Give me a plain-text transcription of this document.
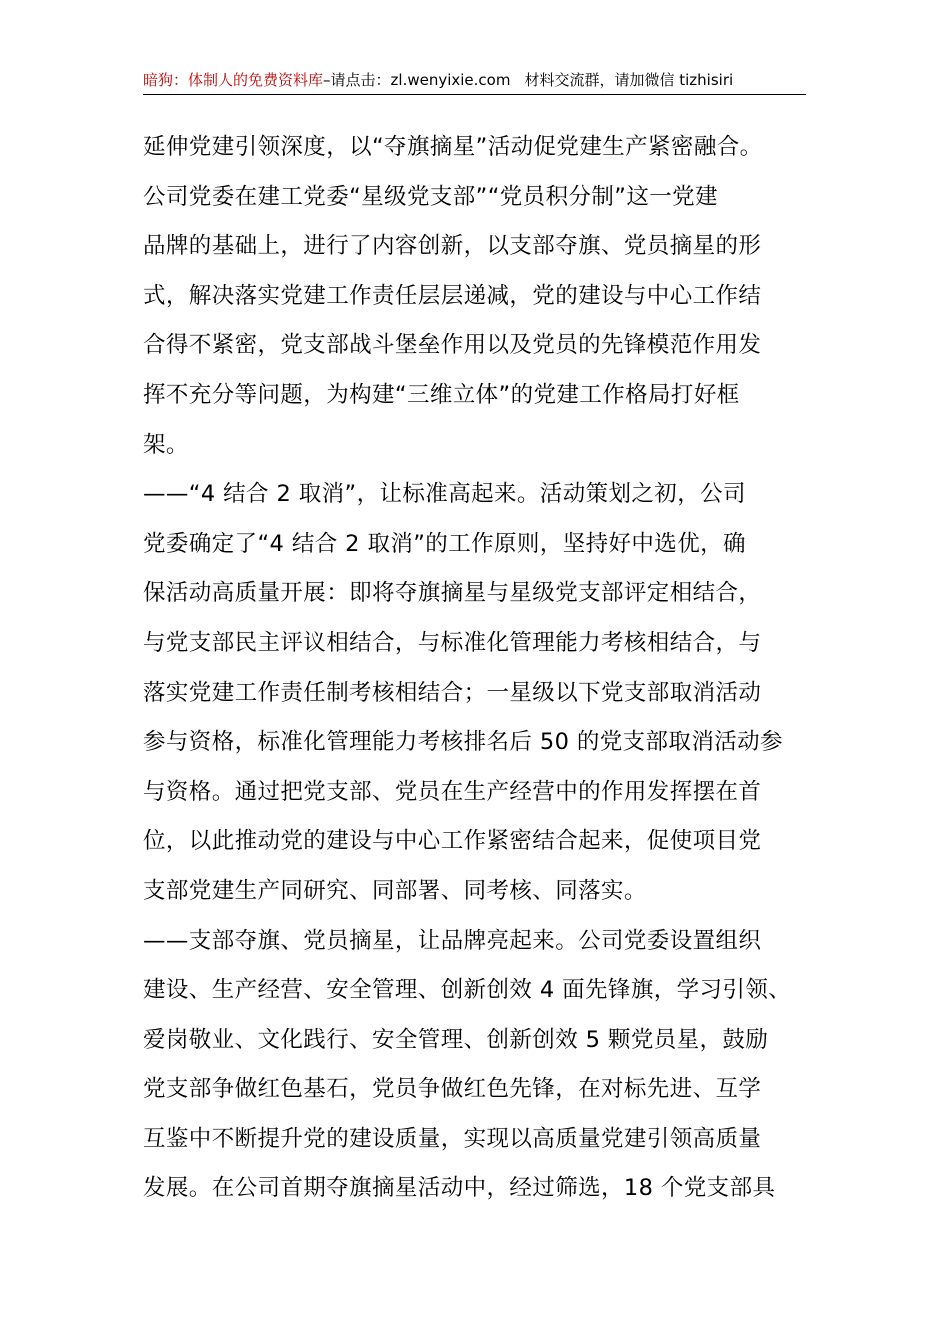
暗狗：体制人的免费资料库–请点击：zl.wenyixie.com 材料交流群，请加微信 tizhisiri
延伸党建引领深度，以“夺旗摘星”活动促党建生产紧密融合。
公司党委在建工党委“星级党支部”“党员积分制”这一党建
品牌的基础上，进行了内容创新，以支部夺旗、党员摘星的形
式，解决落实党建工作责任层层递减，党的建设与中心工作结
合得不紧密，党支部战斗堡垒作用以及党员的先锋模范作用发
挥不充分等问题，为构建“三维立体”的党建工作格局打好框
架。
——“4 结合 2 取消”，让标准高起来。活动策划之初，公司
党委确定了“4 结合 2 取消”的工作原则，坚持好中选优，确
保活动高质量开展：即将夺旗摘星与星级党支部评定相结合，
与党支部民主评议相结合，与标准化管理能力考核相结合，与
落实党建工作责任制考核相结合；一星级以下党支部取消活动
参与资格，标准化管理能力考核排名后 50 的党支部取消活动参
与资格。通过把党支部、党员在生产经营中的作用发挥摆在首
位，以此推动党的建设与中心工作紧密结合起来，促使项目党
支部党建生产同研究、同部署、同考核、同落实。
——支部夺旗、党员摘星，让品牌亮起来。公司党委设置组织
建设、生产经营、安全管理、创新创效 4 面先锋旗，学习引领、
爱岗敬业、文化践行、安全管理、创新创效 5 颗党员星，鼓励
党支部争做红色基石，党员争做红色先锋，在对标先进、互学
互鉴中不断提升党的建设质量，实现以高质量党建引领高质量
发展。在公司首期夺旗摘星活动中，经过筛选，18 个党支部具
